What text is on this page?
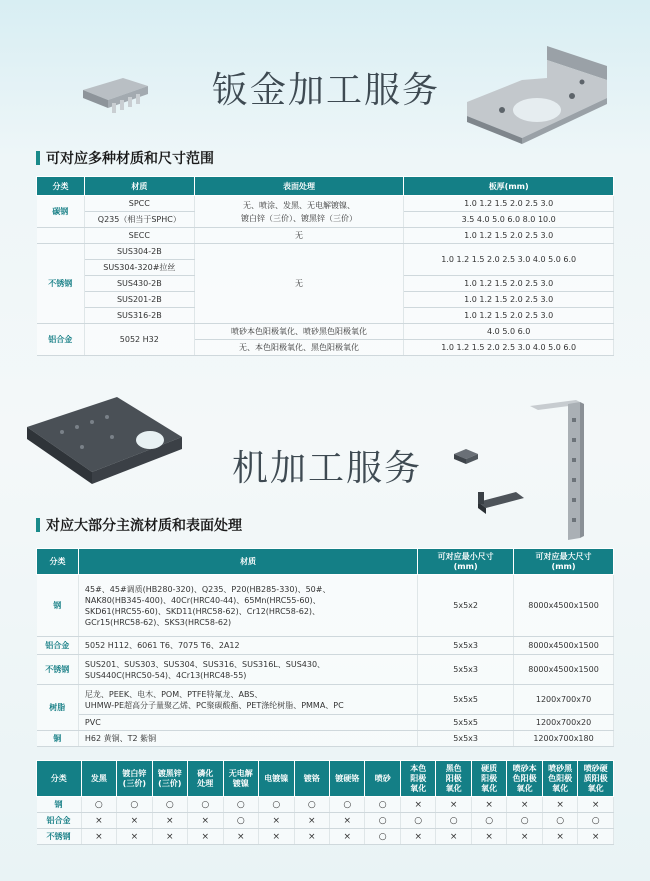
钣金加工服务
可对应多种材质和尺寸范围
分类	材质	表面处理	板厚(mm)
碳钢	SPCC	无、喷涂、发黑、无电解镀镍、
镀白锌（三价）、镀黑锌（三价）	1.0 1.2 1.5 2.0 2.5 3.0
	Q235（相当于SPHC）		3.5 4.0 5.0 6.0 8.0 10.0
	SECC	无	1.0 1.2 1.5 2.0 2.5 3.0
不锈钢	SUS304-2B	无	1.0 1.2 1.5 2.0 2.5 3.0 4.0 5.0 6.0
	SUS304-320#拉丝		
	SUS430-2B		1.0 1.2 1.5 2.0 2.5 3.0
	SUS201-2B		1.0 1.2 1.5 2.0 2.5 3.0
	SUS316-2B		1.0 1.2 1.5 2.0 2.5 3.0
铝合金	5052 H32	喷砂本色阳极氧化、喷砂黑色阳极氧化	4.0 5.0 6.0
		无、本色阳极氧化、黑色阳极氧化	1.0 1.2 1.5 2.0 2.5 3.0 4.0 5.0 6.0
机加工服务
对应大部分主流材质和表面处理
分类	材质	可对应最小尺寸
(mm)	可对应最大尺寸
(mm)
钢	45#、45#调质(HB280-320)、Q235、P20(HB285-330)、50#、
NAK80(HB345-400)、40Cr(HRC40-44)、65Mn(HRC55-60)、
SKD61(HRC55-60)、SKD11(HRC58-62)、Cr12(HRC58-62)、
GCr15(HRC58-62)、SKS3(HRC58-62)	5x5x2	8000x4500x1500
铝合金	5052 H112、6061 T6、7075 T6、2A12	5x5x3	8000x4500x1500
不锈钢	SUS201、SUS303、SUS304、SUS316、SUS316L、SUS430、
SUS440C(HRC50-54)、4Cr13(HRC48-55)	5x5x3	8000x4500x1500
树脂	尼龙、PEEK、电木、POM、PTFE特氟龙、ABS、
UHMW-PE超高分子量聚乙烯、PC聚碳酸酯、PET涤纶树脂、PMMA、PC	5x5x5	1200x700x70

	PVC	5x5x5	1200x700x20
铜	H62 黄铜、T2 紫铜	5x5x3	1200x700x180
分类	发黑	镀白锌
(三价)	镀黑锌
(三价)	磷化
处理	无电解
镀镍	电镀镍	镀铬	镀硬铬	喷砂	本色
阳极
氧化	黑色
阳极
氧化	硬质
阳极
氧化	喷砂本
色阳极
氧化	喷砂黑
色阳极
氧化	喷砂硬
质阳极
氧化
钢	○	○	○	○	○	○	○	○	○	×	×	×	×	×	×
铝合金	×	×	×	×	○	×	×	×	○	○	○	○	○	○	○
不锈钢	×	×	×	×	×	×	×	×	○	×	×	×	×	×	×
